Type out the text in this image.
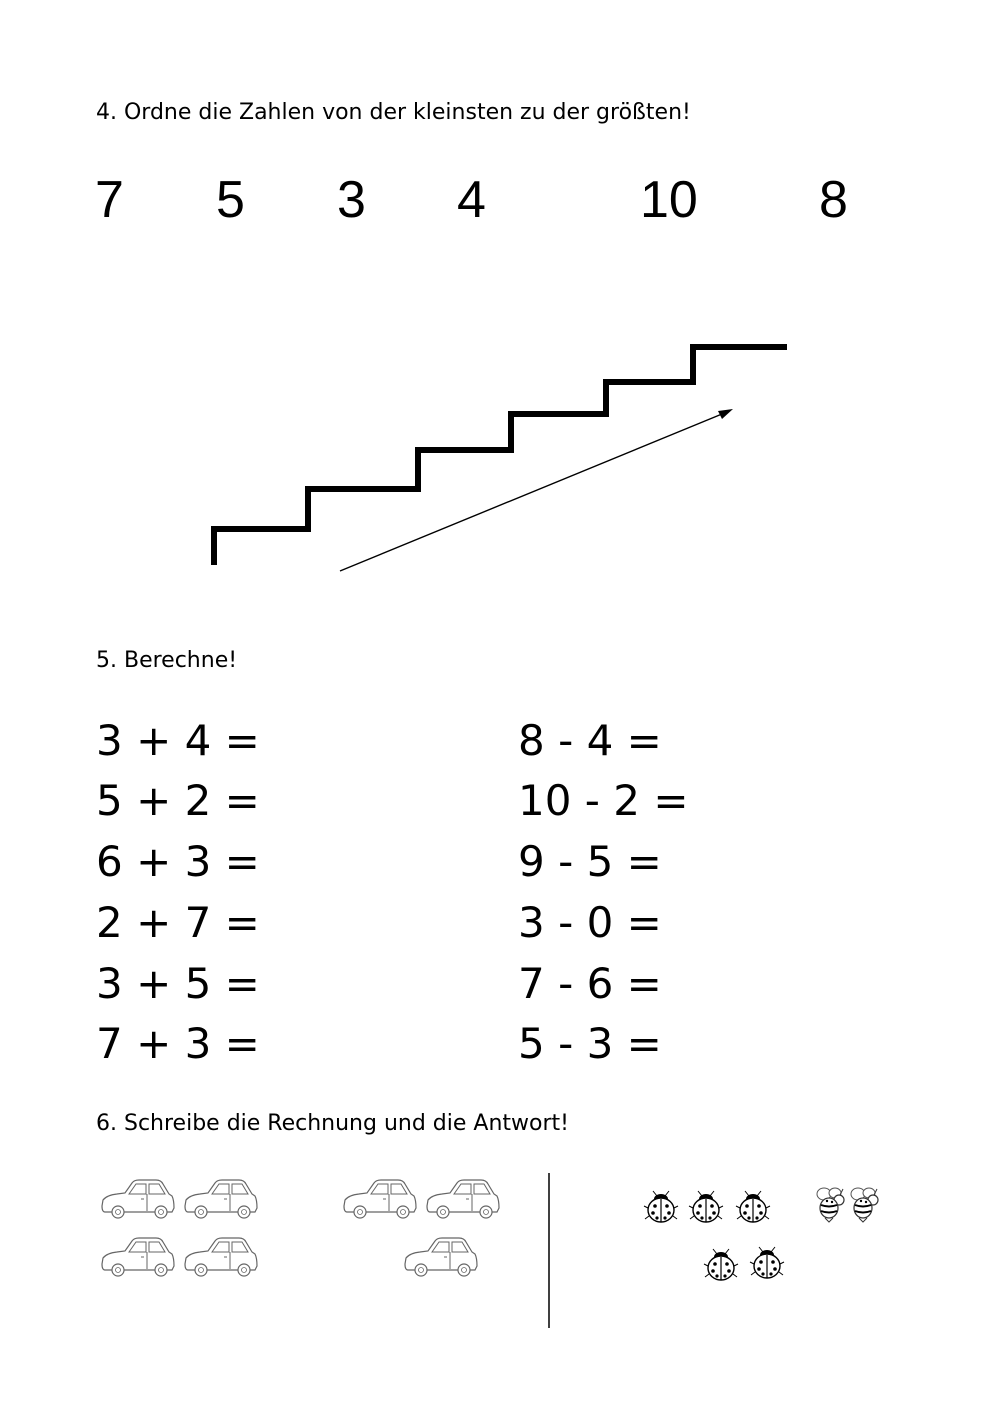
4. Ordne die Zahlen von der kleinsten zu der größten!
7 5 3 4	10 8
5. Berechne!
3 + 4 =
5 + 2 =
6 + 3 =
2 + 7 =
3 + 5 =
7 + 3 =
8 - 4 =
10 - 2 =
9 - 5 =
3 - 0 =
7 - 6 =
5 - 3 =
6. Schreibe die Rechnung und die Antwort!
